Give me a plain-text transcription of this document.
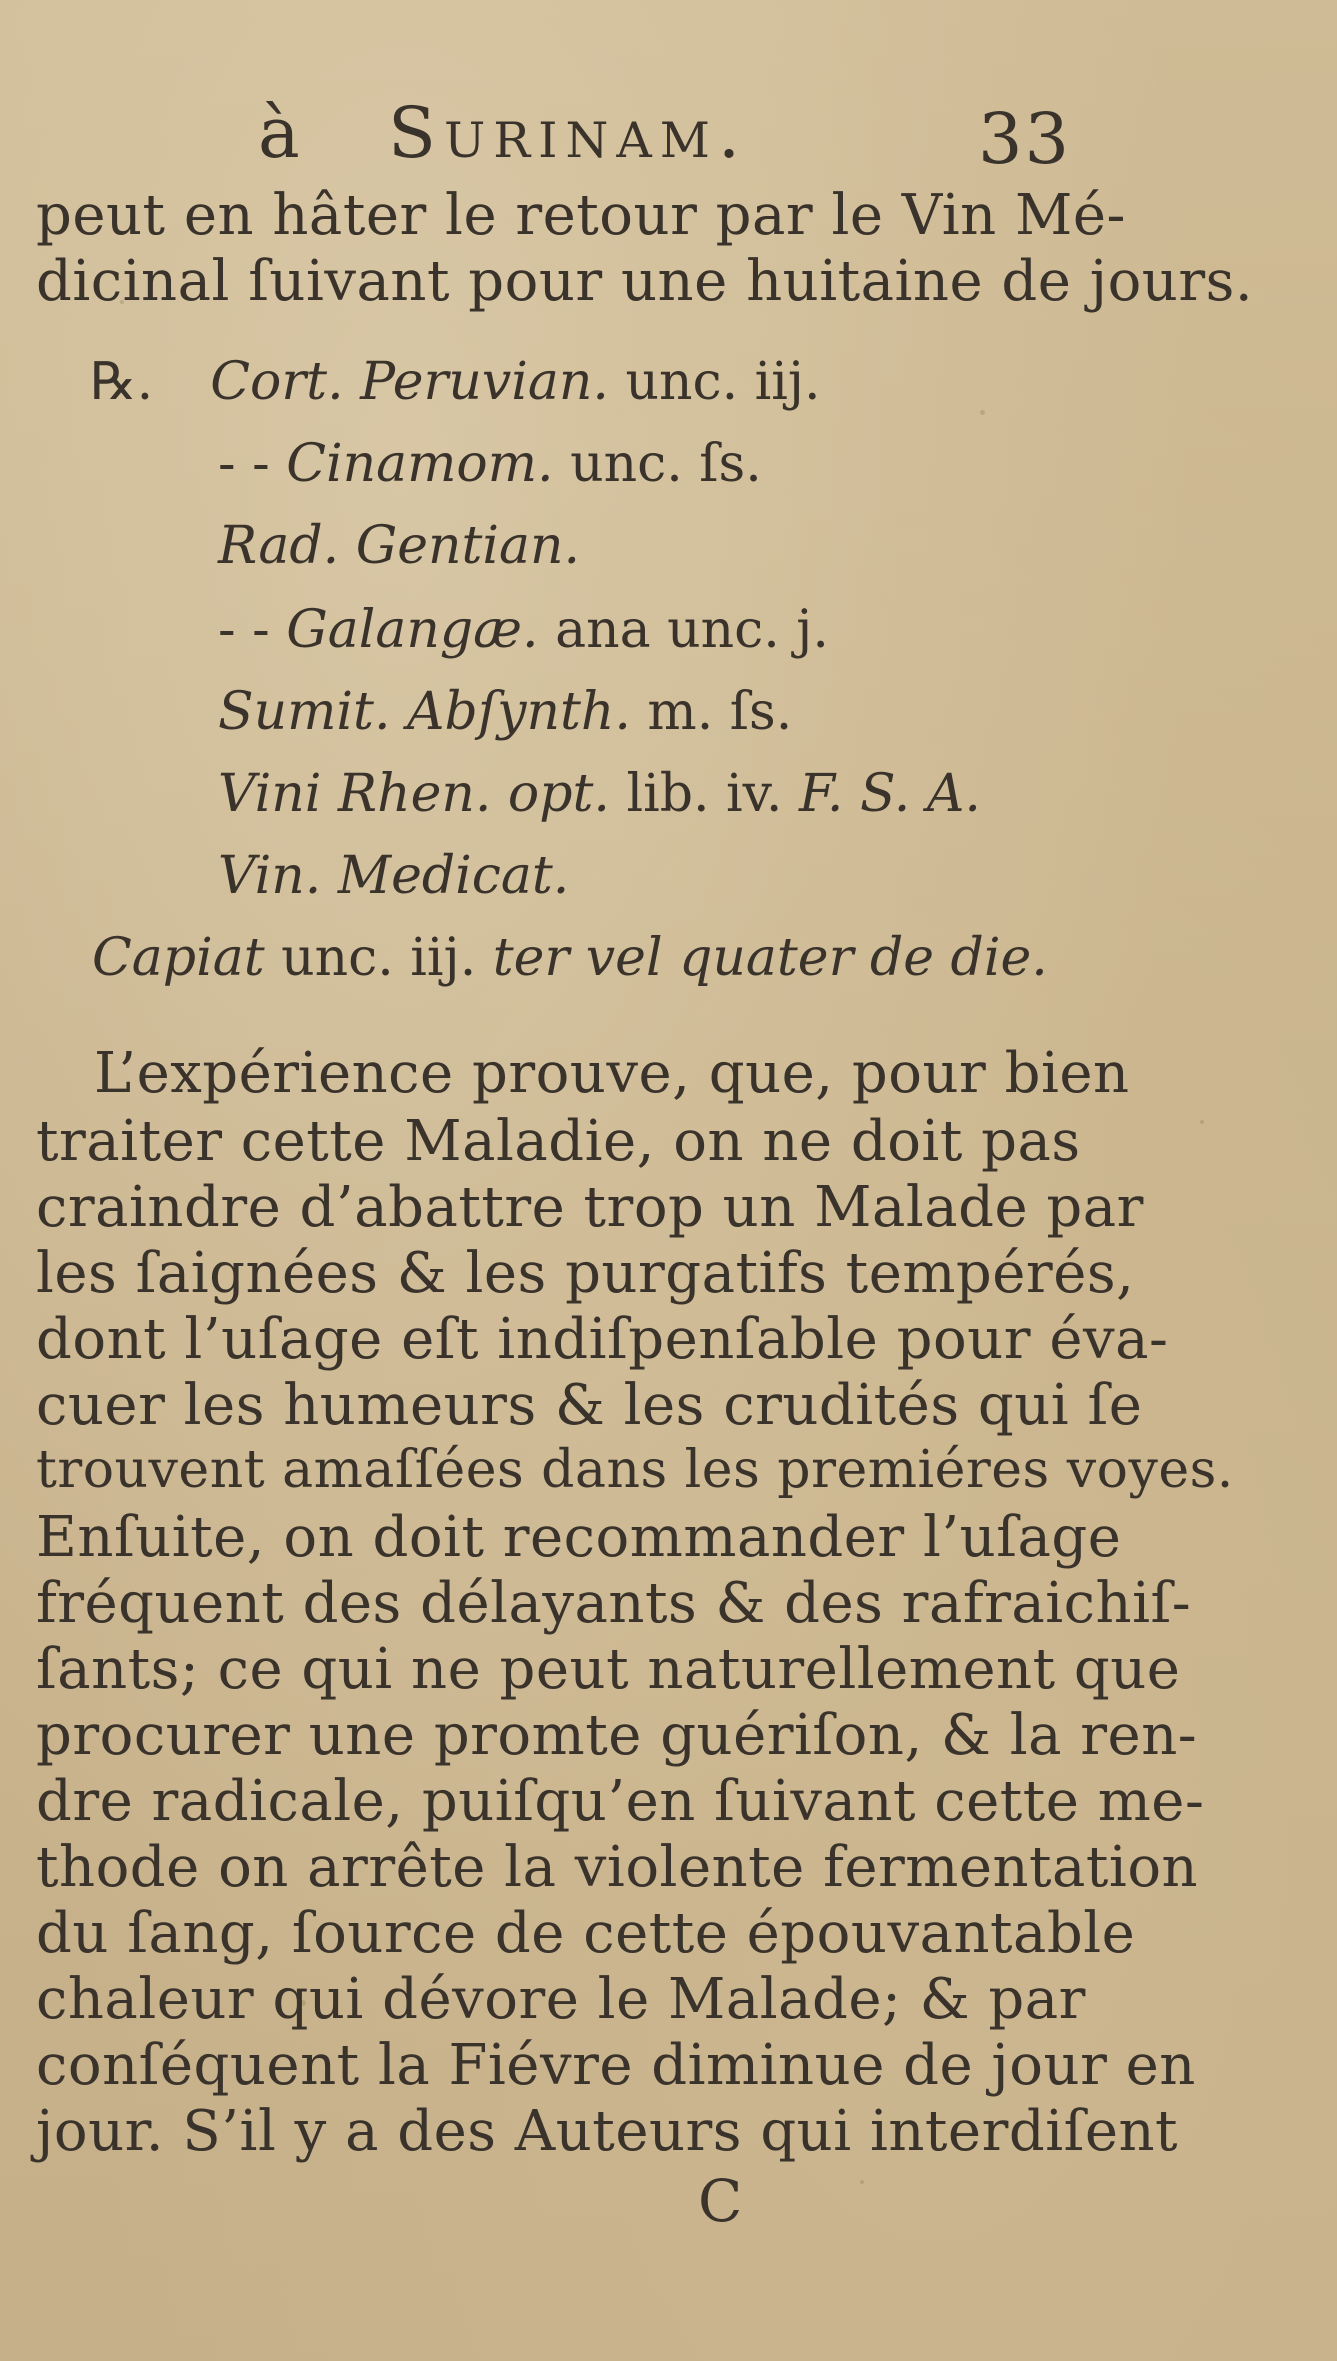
à Surinam.	33
peut en hâter le retour par le Vin Mé-
dicinal ſuivant pour une huitaine de jours.
℞. Cort. Peruvian. unc. iij.
- - Cinamom. unc. ſs.
Rad. Gentian.
- - Galangæ. ana unc. j.
Sumit. Abſynth. m. ſs.
Vini Rhen. opt. lib. iv. F. S. A.
Vin. Medicat.
Capiat unc. iij. ter vel quater de die.
L’expérience prouve, que, pour bien
traiter cette Maladie, on ne doit pas
craindre d’abattre trop un Malade par
les ſaignées & les purgatifs tempérés,
dont l’uſage eſt indiſpenſable pour éva-
cuer les humeurs & les crudités qui ſe
trouvent amaſſées dans les premiéres voyes.
Enſuite, on doit recommander l’uſage
fréquent des délayants & des rafraichiſ-
ſants; ce qui ne peut naturellement que
procurer une promte guériſon, & la ren-
dre radicale, puiſqu’en ſuivant cette me-
thode on arrête la violente fermentation
du ſang, ſource de cette épouvantable
chaleur qui dévore le Malade; & par
conſéquent la Fiévre diminue de jour en
jour. S’il y a des Auteurs qui interdiſent
C
